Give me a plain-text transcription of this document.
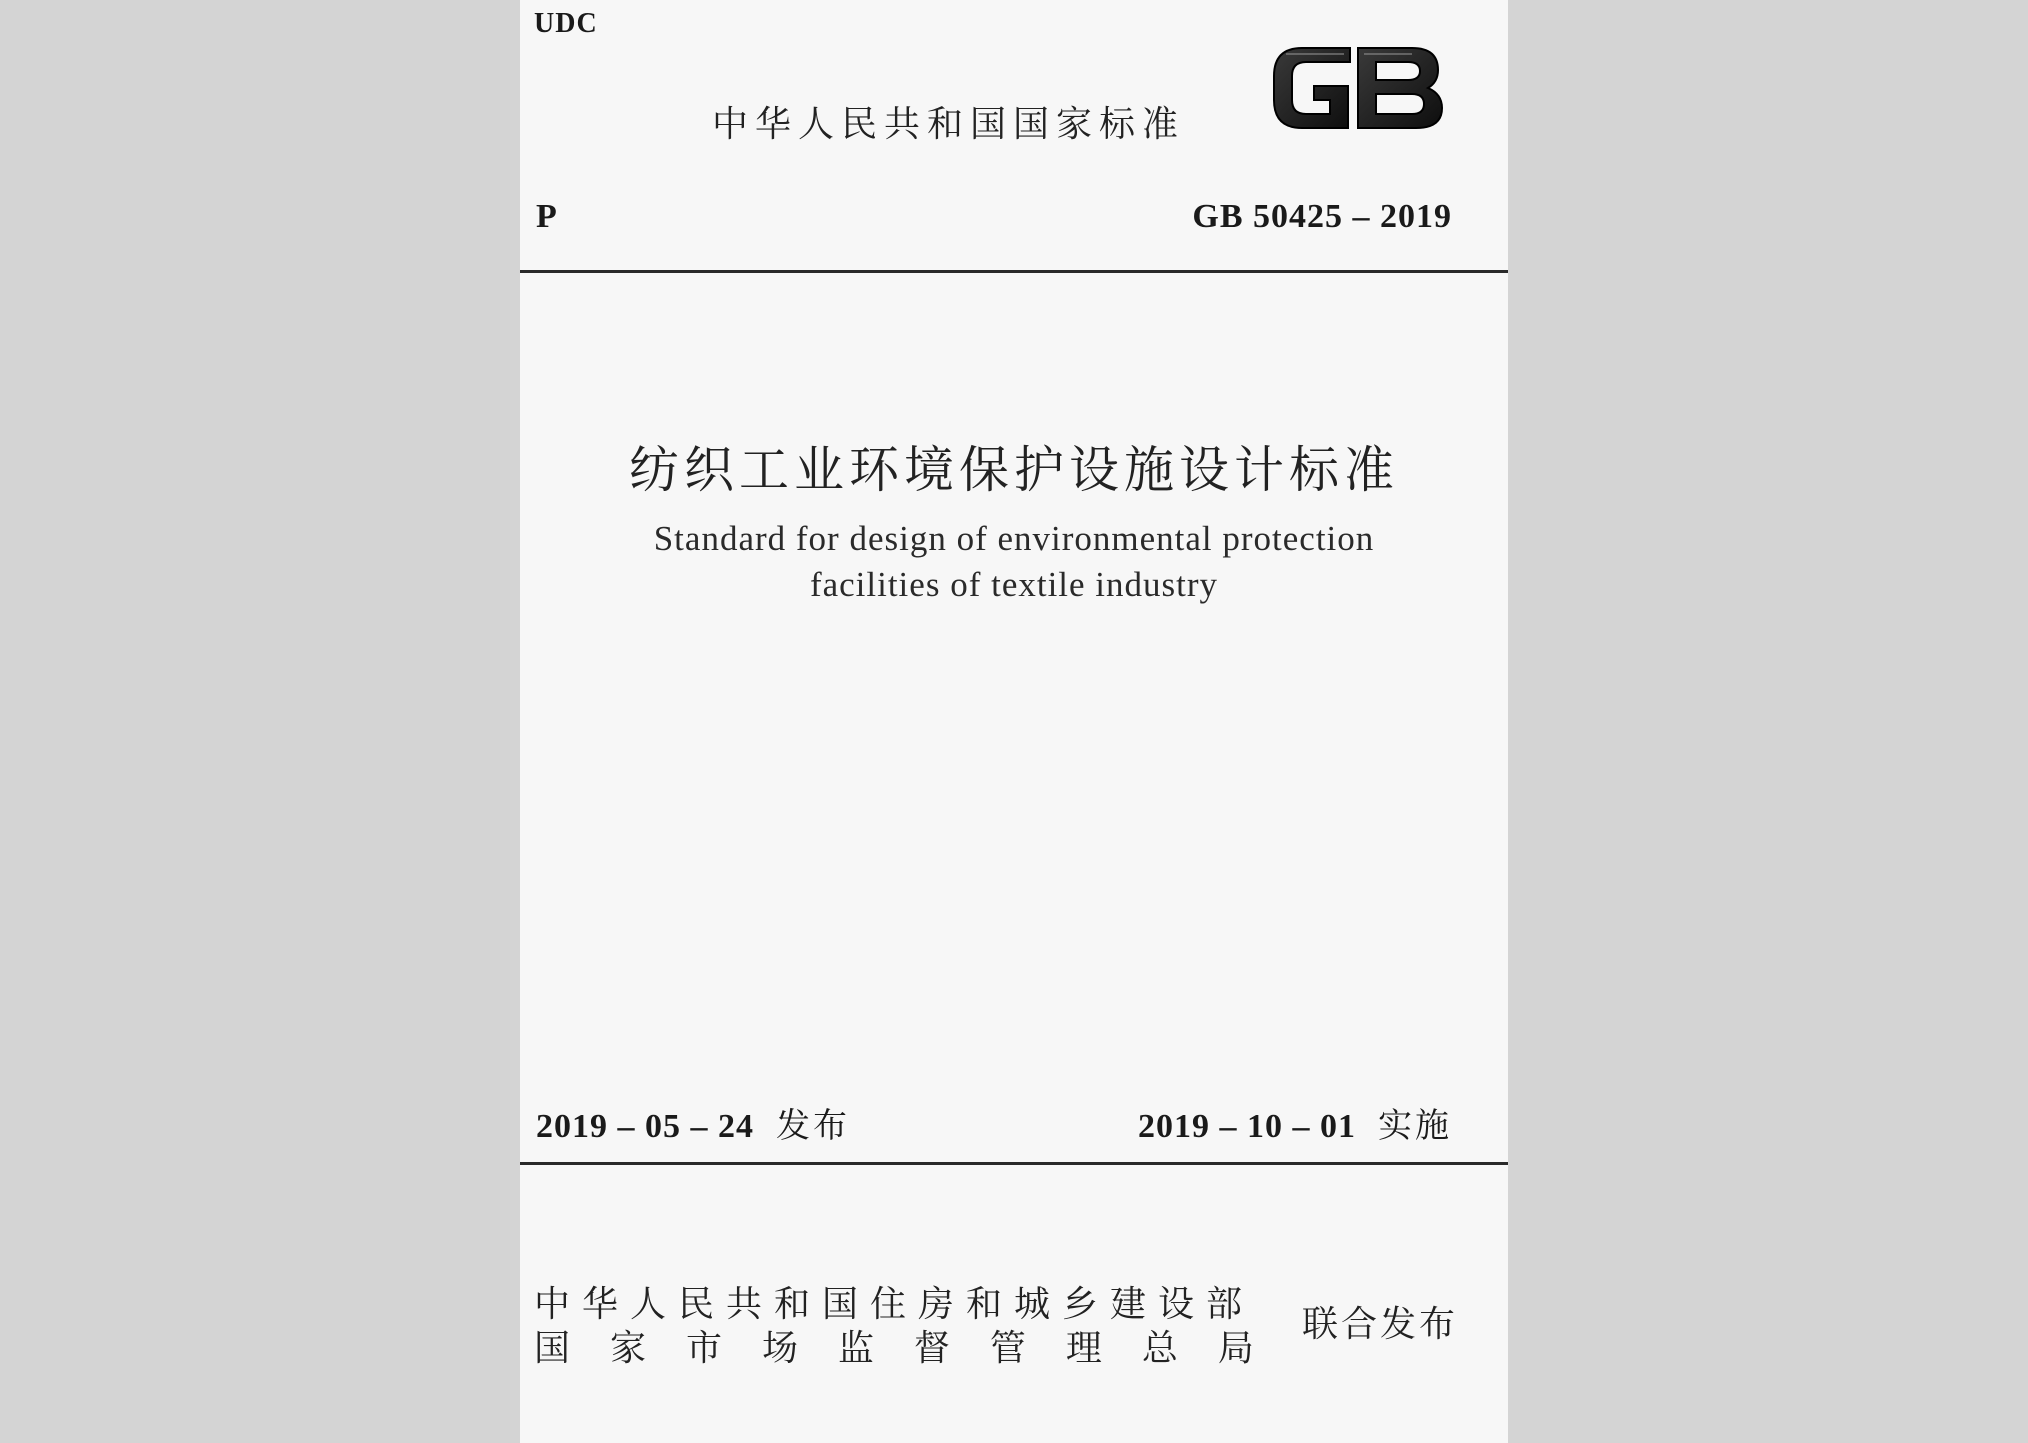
UDC
中华人民共和国国家标准
P	GB 50425 – 2019
纺织工业环境保护设施设计标准
Standard for design of environmental protection
facilities of textile industry
2019 – 05 – 24 发布	2019 – 10 – 01 实施
中华人民共和国住房和城乡建设部
国 家 市 场 监 督 管 理 总 局
联合发布
